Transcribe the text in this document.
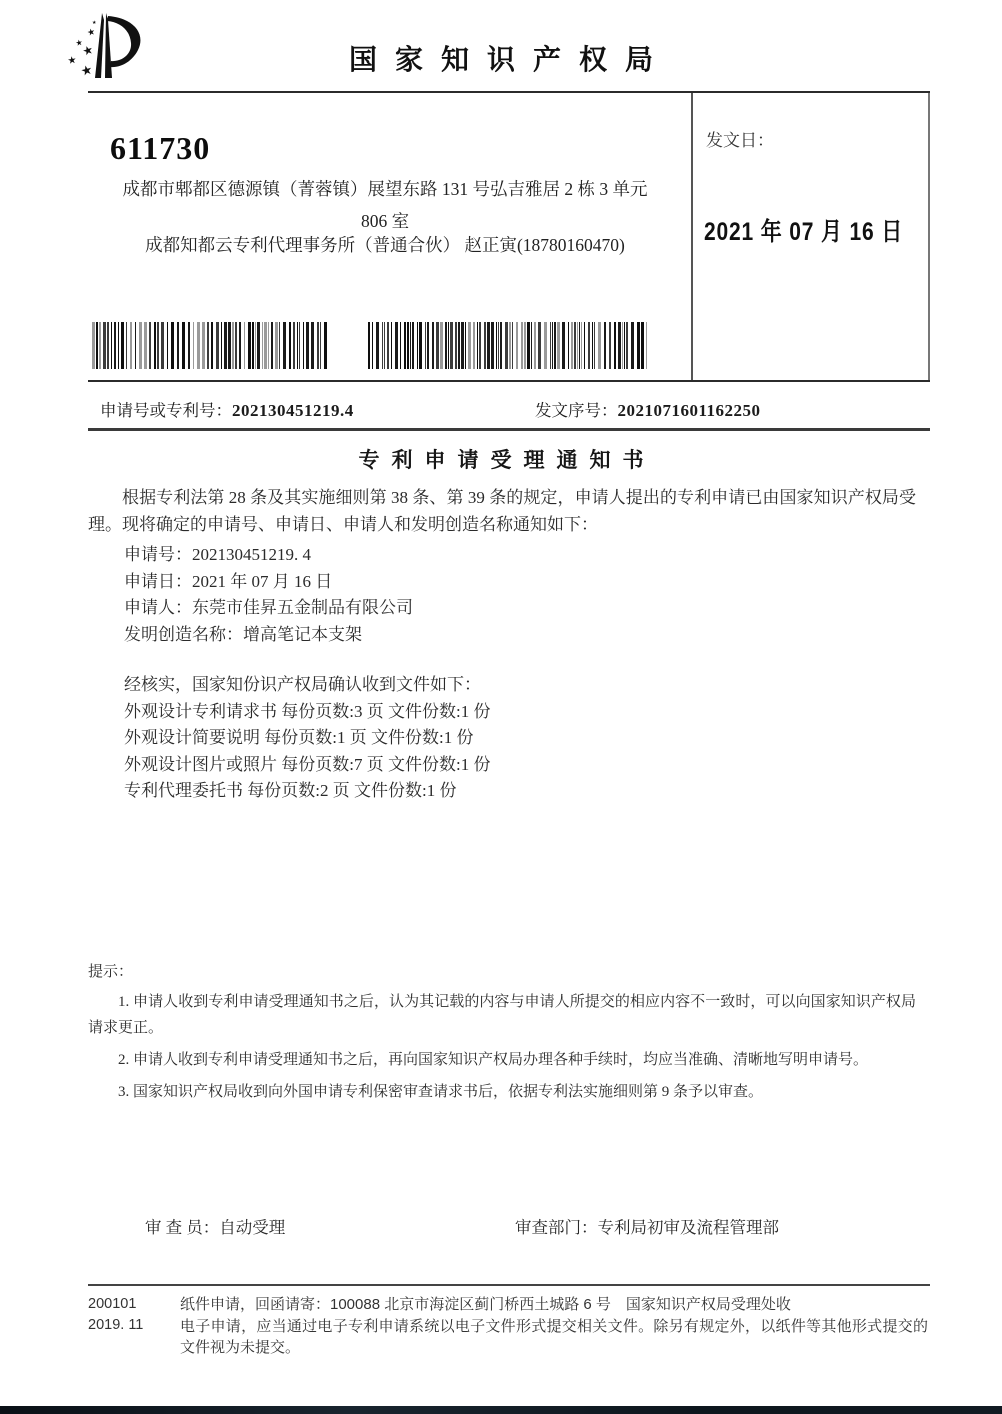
★
★
★
★
★
★
国家知识产权局
611730
成都市郫都区德源镇（菁蓉镇）展望东路 131 号弘吉雅居 2 栋 3 单元
806 室
成都知都云专利代理事务所（普通合伙） 赵正寅(18780160470)
发文日：
2021 年 07 月 16 日
申请号或专利号：202130451219.4	发文序号：2021071601162250
专利申请受理通知书
根据专利法第 28 条及其实施细则第 38 条、第 39 条的规定，申请人提出的专利申请已由国家知识产权局受理。现将确定的申请号、申请日、申请人和发明创造名称通知如下：
申请号：202130451219. 4
申请日：2021 年 07 月 16 日
申请人：东莞市佳昇五金制品有限公司
发明创造名称：增高笔记本支架
经核实，国家知份识产权局确认收到文件如下：
外观设计专利请求书 每份页数:3 页 文件份数:1 份
外观设计简要说明 每份页数:1 页 文件份数:1 份
外观设计图片或照片 每份页数:7 页 文件份数:1 份
专利代理委托书 每份页数:2 页 文件份数:1 份
提示：

1. 申请人收到专利申请受理通知书之后，认为其记载的内容与申请人所提交的相应内容不一致时，可以向国家知识产权局请求更正。

2. 申请人收到专利申请受理通知书之后，再向国家知识产权局办理各种手续时，均应当准确、清晰地写明申请号。

3. 国家知识产权局收到向外国申请专利保密审查请求书后，依据专利法实施细则第 9 条予以审查。

审 查 员：自动受理	审查部门：专利局初审及流程管理部
200101
2019. 11

纸件申请，回函请寄：100088 北京市海淀区蓟门桥西土城路 6 号　国家知识产权局受理处收

电子申请，应当通过电子专利申请系统以电子文件形式提交相关文件。除另有规定外，以纸件等其他形式提交的文件视为未提交。
